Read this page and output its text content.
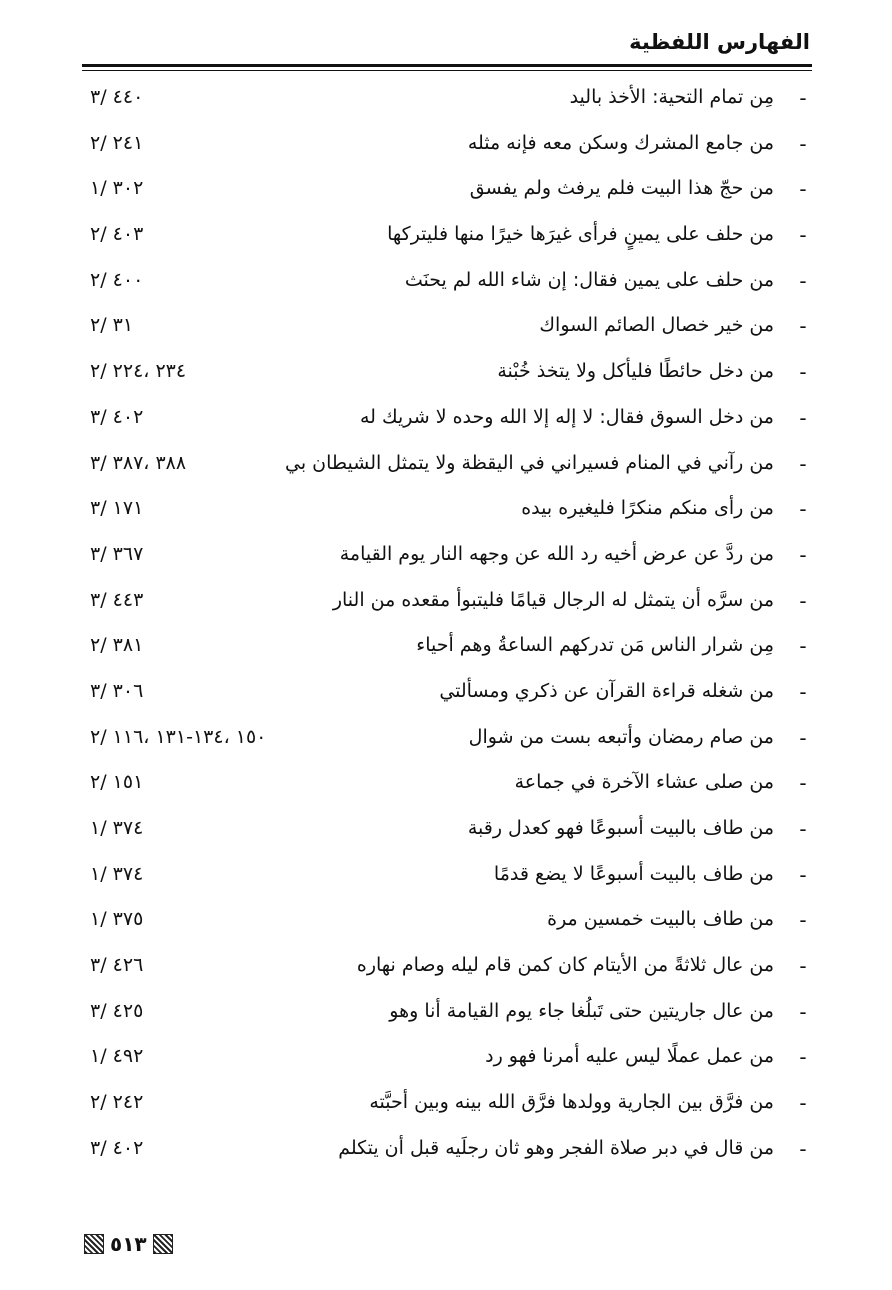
الفهارس اللفظية
-
مِن تمام التحية: الأخذ باليد
٤٤٠ /٣
-
من جامع المشرك وسكن معه فإنه مثله
٢٤١ /٢
-
من حجّ هذا البيت فلم يرفث ولم يفسق
٣٠٢ /١
-
من حلف على يمينٍ فرأى غيرَها خيرًا منها فليتركها
٤٠٣ /٢
-
من حلف على يمين فقال: إن شاء الله لم يحنَث
٤٠٠ /٢
-
من خير خصال الصائم السواك
٣١ /٢
-
من دخل حائطًا فليأكل ولا يتخذ خُبْنة
٢٣٤ ،٢٢٤ /٢
-
من دخل السوق فقال: لا إله إلا الله وحده لا شريك له
٤٠٢ /٣
-
من رآني في المنام فسيراني في اليقظة ولا يتمثل الشيطان بي
٣٨٨ ،٣٨٧ /٣
-
من رأى منكم منكرًا فليغيره بيده
١٧١ /٣
-
من ردَّ عن عرض أخيه رد الله عن وجهه النار يوم القيامة
٣٦٧ /٣
-
من سرَّه أن يتمثل له الرجال قيامًا فليتبوأ مقعده من النار
٤٤٣ /٣
-
مِن شرار الناس مَن تدركهم الساعةُ وهم أحياء
٣٨١ /٢
-
من شغله قراءة القرآن عن ذكري ومسألتي
٣٠٦ /٣
-
من صام رمضان وأتبعه بست من شوال
١٥٠ ،١٣٤-١٣١ ،١١٦ /٢
-
من صلى عشاء الآخرة في جماعة
١٥١ /٢
-
من طاف بالبيت أسبوعًا فهو كعدل رقبة
٣٧٤ /١
-
من طاف بالبيت أسبوعًا لا يضع قدمًا
٣٧٤ /١
-
من طاف بالبيت خمسين مرة
٣٧٥ /١
-
من عال ثلاثةً من الأيتام كان كمن قام ليله وصام نهاره
٤٢٦ /٣
-
من عال جاريتين حتى تَبلُغا جاء يوم القيامة أنا وهو
٤٢٥ /٣
-
من عمل عملًا ليس عليه أمرنا فهو رد
٤٩٢ /١
-
من فرَّق بين الجارية وولدها فرَّق الله بينه وبين أحبَّته
٢٤٢ /٢
-
من قال في دبر صلاة الفجر وهو ثان رجلَيه قبل أن يتكلم
٤٠٢ /٣
٥١٣
